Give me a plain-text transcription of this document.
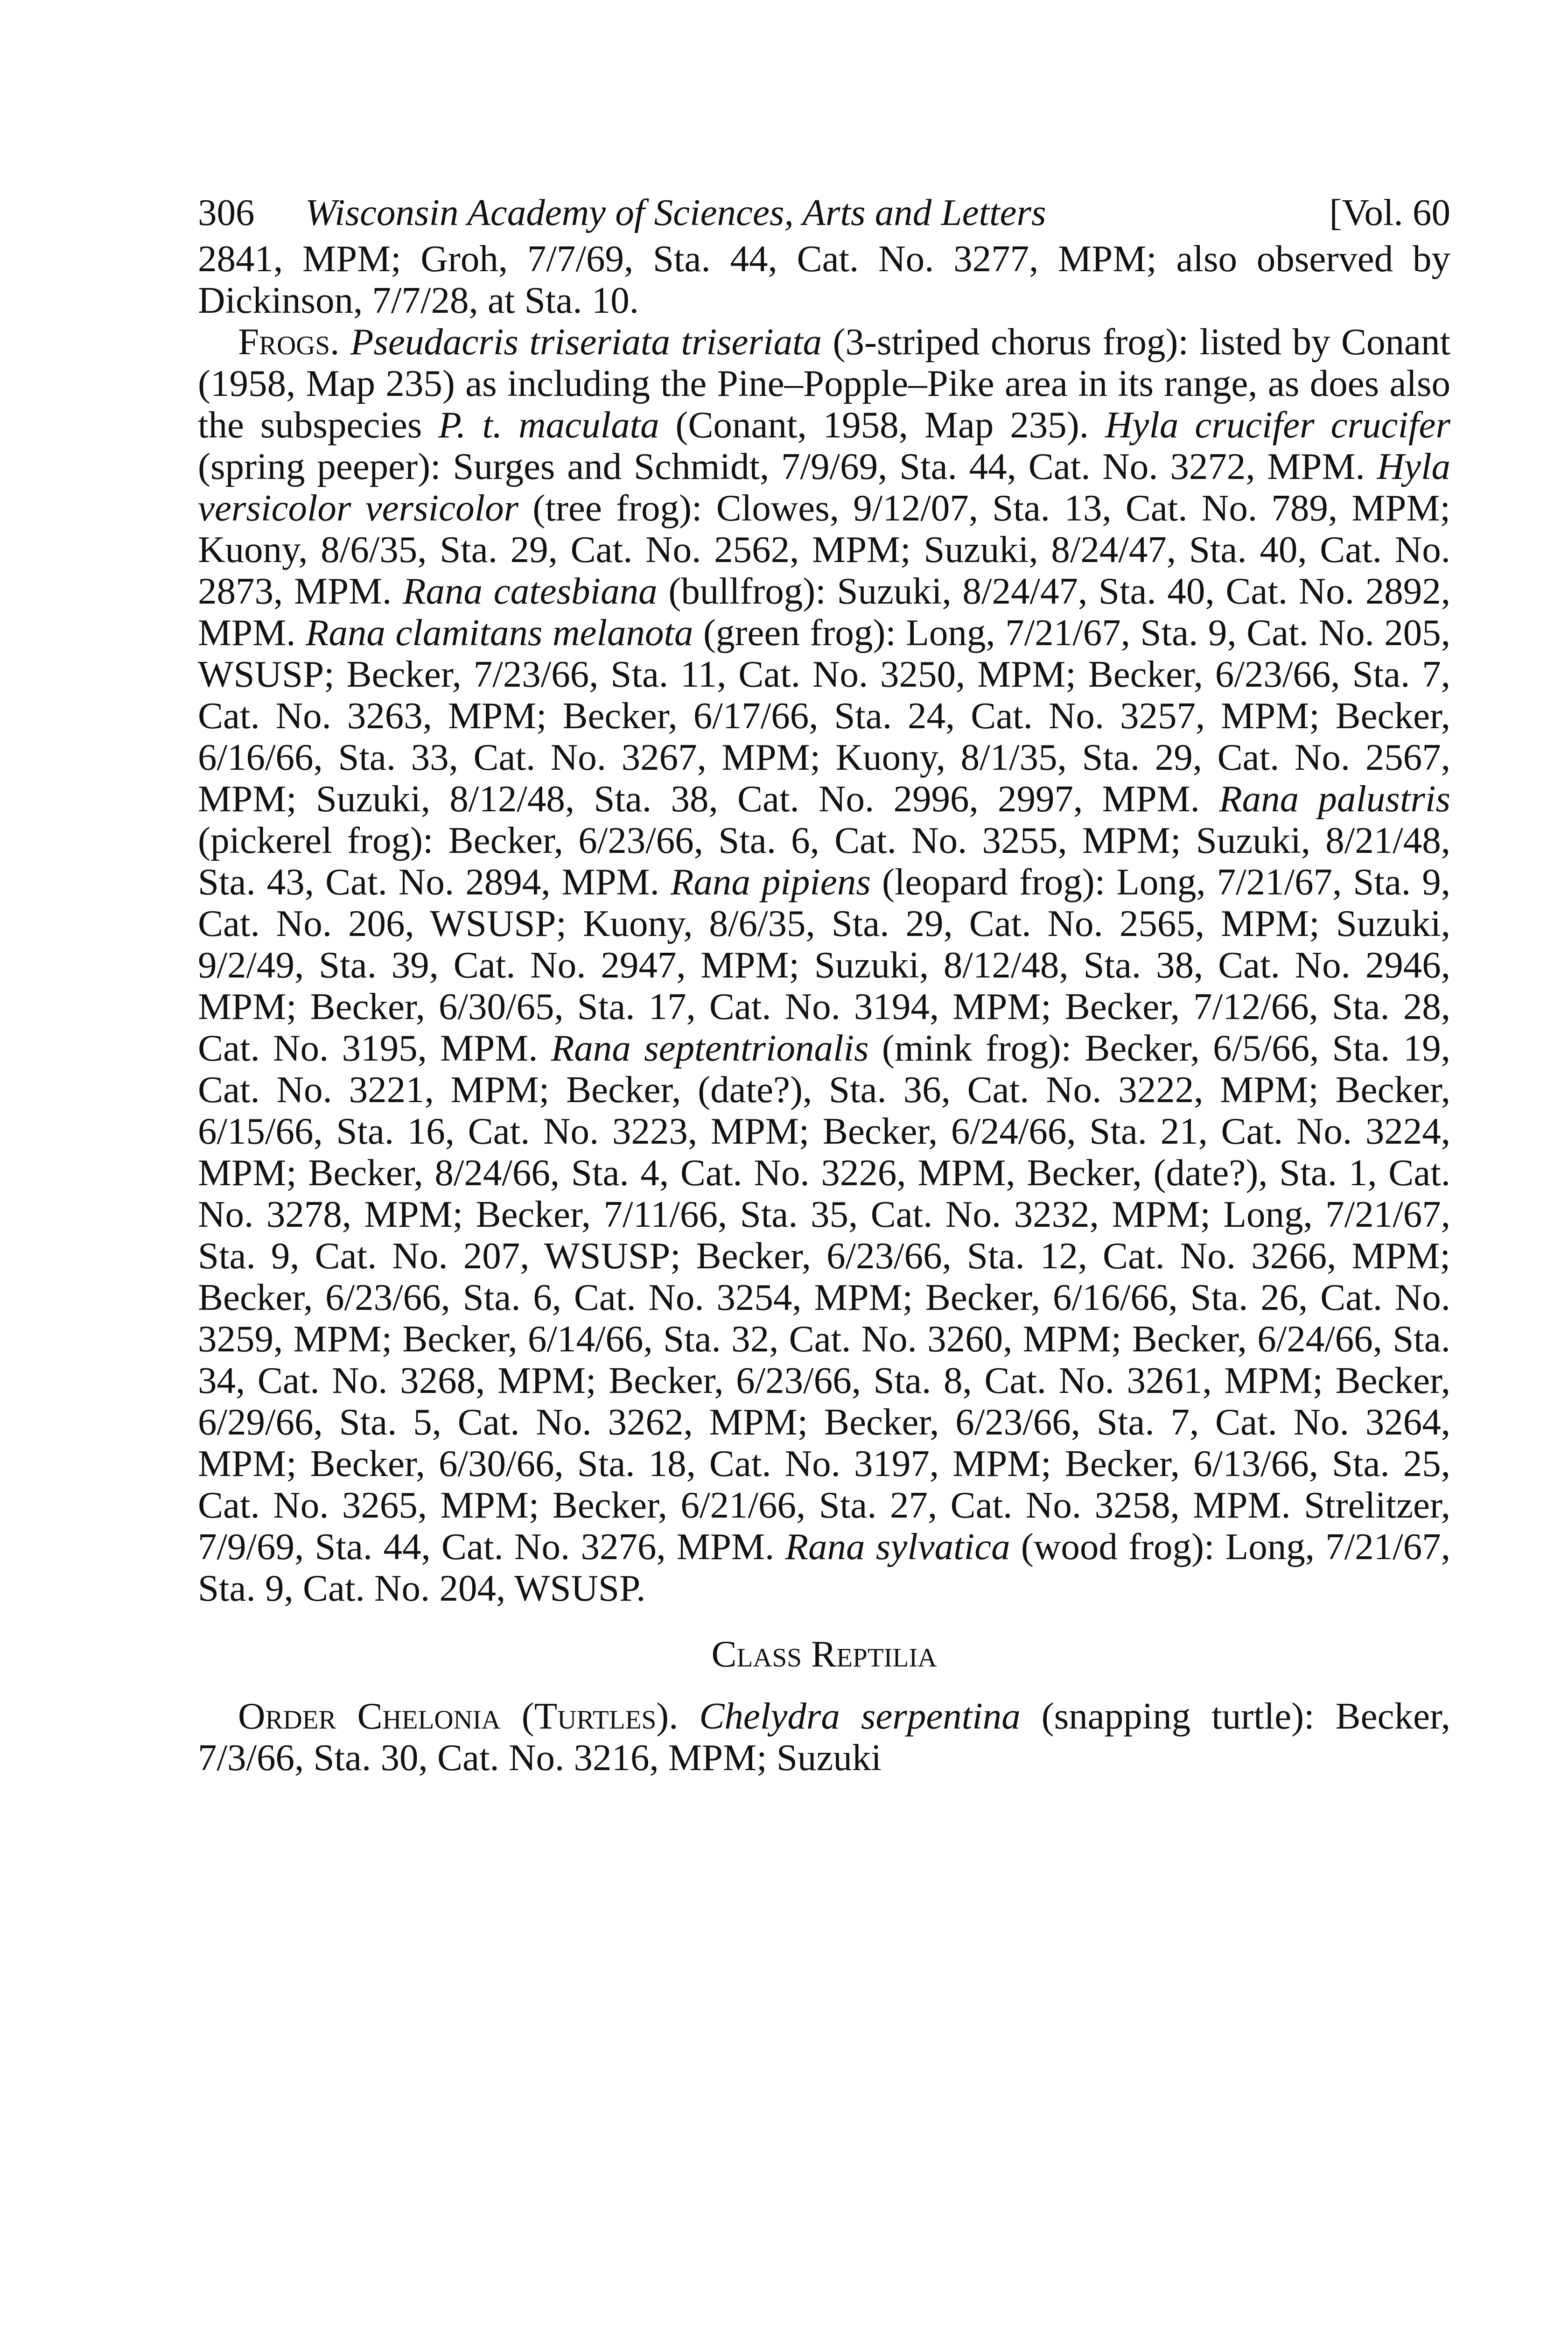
306 Wisconsin Academy of Sciences, Arts and Letters	[Vol. 60

2841, MPM; Groh, 7/7/69, Sta. 44, Cat. No. 3277, MPM; also observed by Dickinson, 7/7/28, at Sta. 10.

Frogs. Pseudacris triseriata triseriata (3-striped chorus frog): listed by Conant (1958, Map 235) as including the Pine–Popple–Pike area in its range, as does also the subspecies P. t. maculata (Conant, 1958, Map 235). Hyla crucifer crucifer (spring peeper): Surges and Schmidt, 7/9/69, Sta. 44, Cat. No. 3272, MPM. Hyla versicolor versicolor (tree frog): Clowes, 9/12/07, Sta. 13, Cat. No. 789, MPM; Kuony, 8/6/35, Sta. 29, Cat. No. 2562, MPM; Suzuki, 8/24/47, Sta. 40, Cat. No. 2873, MPM. Rana catesbiana (bullfrog): Suzuki, 8/24/47, Sta. 40, Cat. No. 2892, MPM. Rana clamitans melanota (green frog): Long, 7/21/67, Sta. 9, Cat. No. 205, WSUSP; Becker, 7/23/66, Sta. 11, Cat. No. 3250, MPM; Becker, 6/23/66, Sta. 7, Cat. No. 3263, MPM; Becker, 6/17/66, Sta. 24, Cat. No. 3257, MPM; Becker, 6/16/66, Sta. 33, Cat. No. 3267, MPM; Kuony, 8/1/35, Sta. 29, Cat. No. 2567, MPM; Suzuki, 8/12/48, Sta. 38, Cat. No. 2996, 2997, MPM. Rana palustris (pickerel frog): Becker, 6/23/66, Sta. 6, Cat. No. 3255, MPM; Suzuki, 8/21/48, Sta. 43, Cat. No. 2894, MPM. Rana pipiens (leopard frog): Long, 7/21/67, Sta. 9, Cat. No. 206, WSUSP; Kuony, 8/6/35, Sta. 29, Cat. No. 2565, MPM; Suzuki, 9/2/49, Sta. 39, Cat. No. 2947, MPM; Suzuki, 8/12/48, Sta. 38, Cat. No. 2946, MPM; Becker, 6/30/65, Sta. 17, Cat. No. 3194, MPM; Becker, 7/12/66, Sta. 28, Cat. No. 3195, MPM. Rana septentrionalis (mink frog): Becker, 6/5/66, Sta. 19, Cat. No. 3221, MPM; Becker, (date?), Sta. 36, Cat. No. 3222, MPM; Becker, 6/15/66, Sta. 16, Cat. No. 3223, MPM; Becker, 6/24/66, Sta. 21, Cat. No. 3224, MPM; Becker, 8/24/66, Sta. 4, Cat. No. 3226, MPM, Becker, (date?), Sta. 1, Cat. No. 3278, MPM; Becker, 7/11/66, Sta. 35, Cat. No. 3232, MPM; Long, 7/21/67, Sta. 9, Cat. No. 207, WSUSP; Becker, 6/23/66, Sta. 12, Cat. No. 3266, MPM; Becker, 6/23/66, Sta. 6, Cat. No. 3254, MPM; Becker, 6/16/66, Sta. 26, Cat. No. 3259, MPM; Becker, 6/14/66, Sta. 32, Cat. No. 3260, MPM; Becker, 6/24/66, Sta. 34, Cat. No. 3268, MPM; Becker, 6/23/66, Sta. 8, Cat. No. 3261, MPM; Becker, 6/29/66, Sta. 5, Cat. No. 3262, MPM; Becker, 6/23/66, Sta. 7, Cat. No. 3264, MPM; Becker, 6/30/66, Sta. 18, Cat. No. 3197, MPM; Becker, 6/13/66, Sta. 25, Cat. No. 3265, MPM; Becker, 6/21/66, Sta. 27, Cat. No. 3258, MPM. Strelitzer, 7/9/69, Sta. 44, Cat. No. 3276, MPM. Rana sylvatica (wood frog): Long, 7/21/67, Sta. 9, Cat. No. 204, WSUSP.

Class Reptilia

Order Chelonia (Turtles). Chelydra serpentina (snapping turtle): Becker, 7/3/66, Sta. 30, Cat. No. 3216, MPM; Suzuki
